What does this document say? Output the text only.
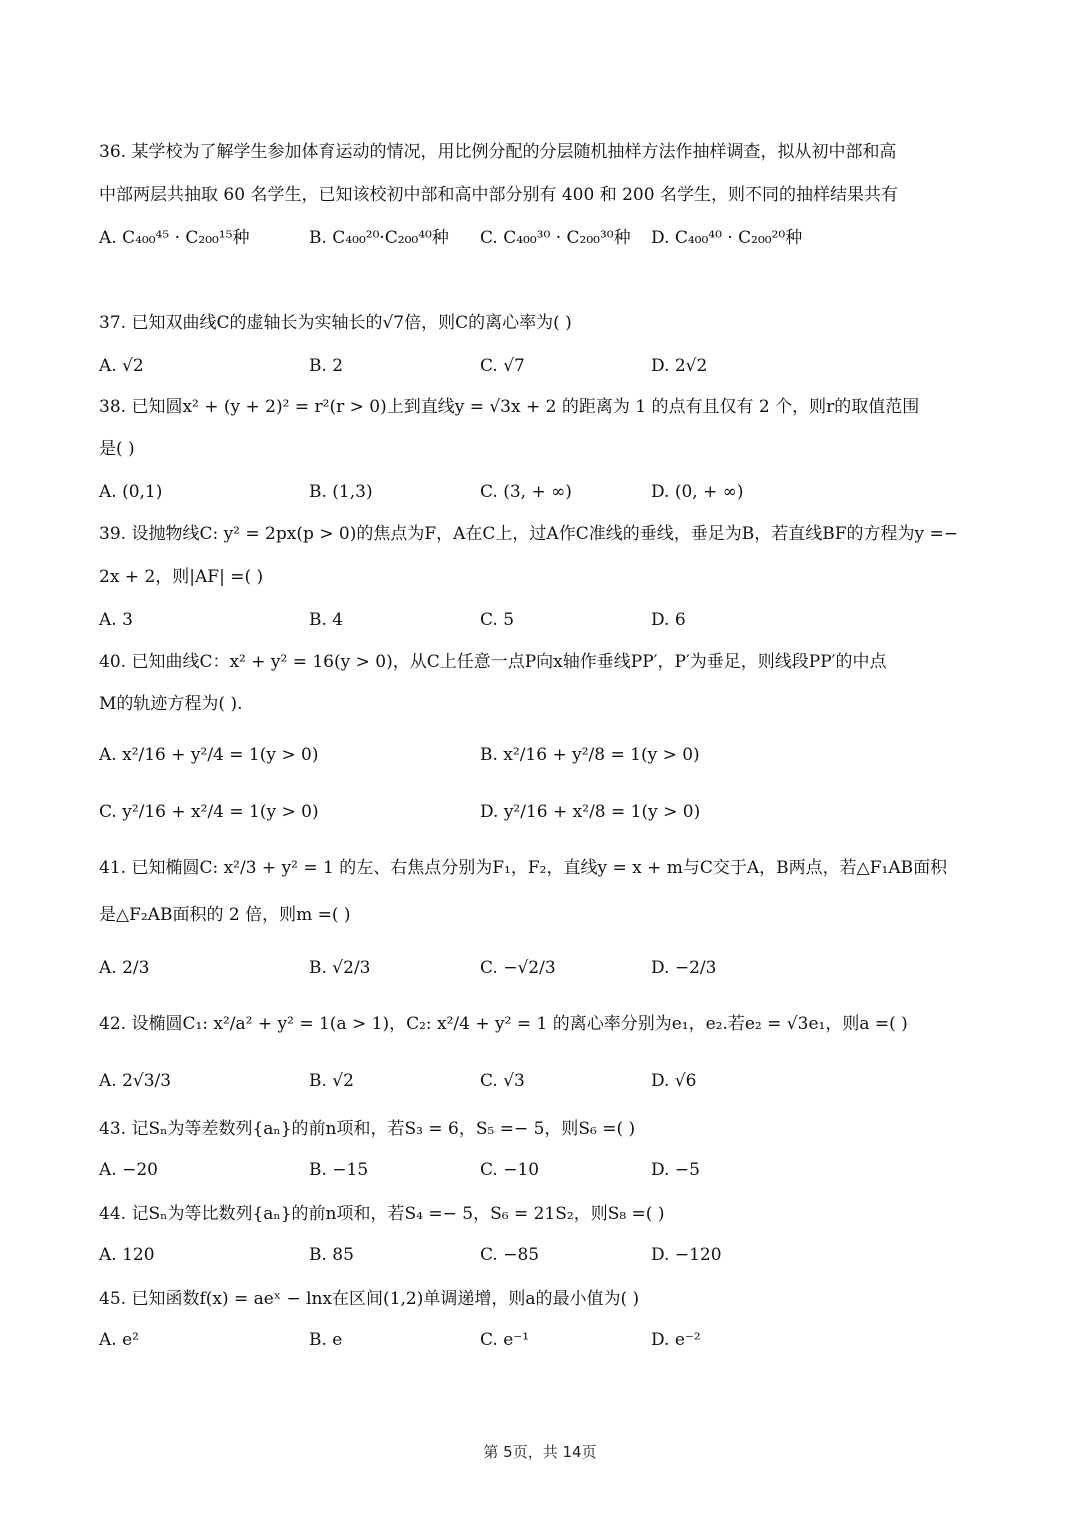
36. 某学校为了解学生参加体育运动的情况，用比例分配的分层随机抽样方法作抽样调查，拟从初中部和高
中部两层共抽取 60 名学生，已知该校初中部和高中部分别有 400 和 200 名学生，则不同的抽样结果共有
A. C₄₀₀⁴⁵ · C₂₀₀¹⁵种	B. C₄₀₀²⁰·C₂₀₀⁴⁰种 C. C₄₀₀³⁰ · C₂₀₀³⁰种 D. C₄₀₀⁴⁰ · C₂₀₀²⁰种
37. 已知双曲线C的虚轴长为实轴长的√7倍，则C的离心率为( )
A. √2	B. 2	C. √7	D. 2√2
38. 已知圆x² + (y + 2)² = r²(r > 0)上到直线y = √3x + 2 的距离为 1 的点有且仅有 2 个，则r的取值范围
是( )
A. (0,1)	B. (1,3)	C. (3, + ∞)	D. (0, + ∞)
39. 设抛物线C: y² = 2px(p > 0)的焦点为F，A在C上，过A作C准线的垂线，垂足为B，若直线BF的方程为y =−
2x + 2，则|AF| =( )
A. 3	B. 4	C. 5	D. 6
40. 已知曲线C：x² + y² = 16(y > 0)，从C上任意一点P向x轴作垂线PP′，P′为垂足，则线段PP′的中点
M的轨迹方程为( ).
A. x²/16 + y²/4 = 1(y > 0)	B. x²/16 + y²/8 = 1(y > 0)
C. y²/16 + x²/4 = 1(y > 0)	D. y²/16 + x²/8 = 1(y > 0)
41. 已知椭圆C: x²/3 + y² = 1 的左、右焦点分别为F₁，F₂，直线y = x + m与C交于A，B两点，若△F₁AB面积
是△F₂AB面积的 2 倍，则m =( )
A. 2/3	B. √2/3	C. −√2/3	D. −2/3
42. 设椭圆C₁: x²/a² + y² = 1(a > 1)，C₂: x²/4 + y² = 1 的离心率分别为e₁，e₂.若e₂ = √3e₁，则a =( )
A. 2√3/3	B. √2	C. √3	D. √6
43. 记Sₙ为等差数列{aₙ}的前n项和，若S₃ = 6，S₅ =− 5，则S₆ =( )
A. −20	B. −15	C. −10	D. −5
44. 记Sₙ为等比数列{aₙ}的前n项和，若S₄ =− 5，S₆ = 21S₂，则S₈ =( )
A. 120	B. 85	C. −85	D. −120
45. 已知函数f(x) = aeˣ − lnx在区间(1,2)单调递增，则a的最小值为( )
A. e²	B. e	C. e⁻¹	D. e⁻²
第 5页，共 14页
